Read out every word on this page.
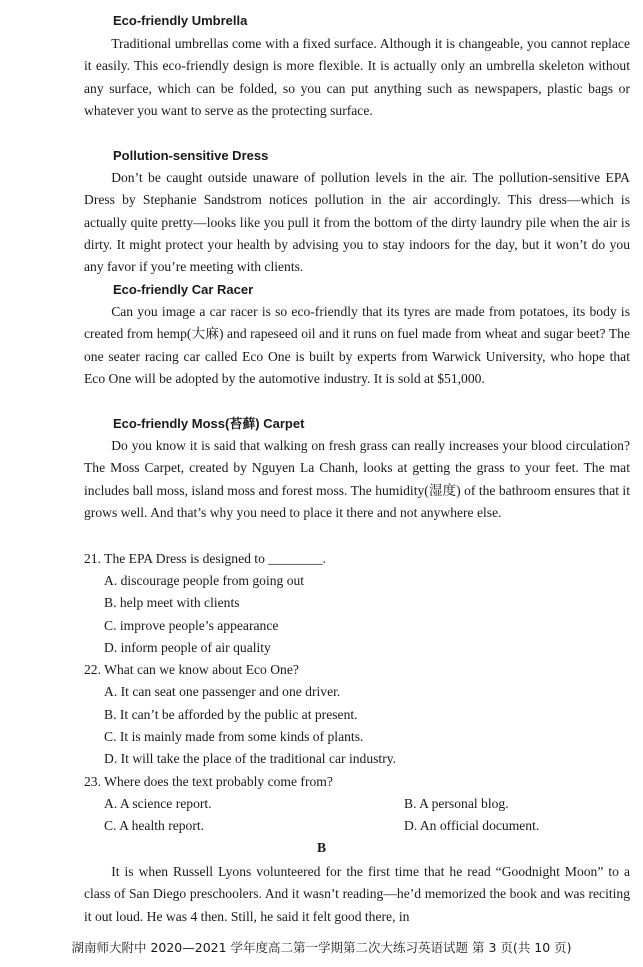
Eco-friendly Umbrella

Traditional umbrellas come with a fixed surface. Although it is changeable, you cannot replace it easily. This eco-friendly design is more flexible. It is actually only an umbrella skeleton without any surface, which can be folded, so you can put anything such as newspapers, plastic bags or whatever you want to serve as the protecting surface.

Pollution-sensitive Dress

Don’t be caught outside unaware of pollution levels in the air. The pollution-sensitive EPA Dress by Stephanie Sandstrom notices pollution in the air accordingly. This dress—which is actually quite pretty—looks like you pull it from the bottom of the dirty laundry pile when the air is dirty. It might protect your health by advising you to stay indoors for the day, but it won’t do you any favor if you’re meeting with clients.

Eco-friendly Car Racer

Can you image a car racer is so eco-friendly that its tyres are made from potatoes, its body is created from hemp(大麻) and rapeseed oil and it runs on fuel made from wheat and sugar beet? The one seater racing car called Eco One is built by experts from Warwick University, who hope that Eco One will be adopted by the automotive industry. It is sold at $51,000.

Eco-friendly Moss(苔藓) Carpet

Do you know it is said that walking on fresh grass can really increases your blood circulation? The Moss Carpet, created by Nguyen La Chanh, looks at getting the grass to your feet. The mat includes ball moss, island moss and forest moss. The humidity(湿度) of the bathroom ensures that it grows well. And that’s why you need to place it there and not anywhere else.

21. The EPA Dress is designed to ________.
A. discourage people from going out
B. help meet with clients
C. improve people’s appearance
D. inform people of air quality
22. What can we know about Eco One?
A. It can seat one passenger and one driver.
B. It can’t be afforded by the public at present.
C. It is mainly made from some kinds of plants.
D. It will take the place of the traditional car industry.
23. Where does the text probably come from?
A. A science report.	B. A personal blog.
C. A health report.	D. An official document.
B

It is when Russell Lyons volunteered for the first time that he read “Goodnight Moon” to a class of San Diego preschoolers. And it wasn’t reading—he’d memorized the book and was reciting it out loud. He was 4 then. Still, he said it felt good there, in

湖南师大附中 2020—2021 学年度高二第一学期第二次大练习英语试题 第 3 页(共 10 页)
